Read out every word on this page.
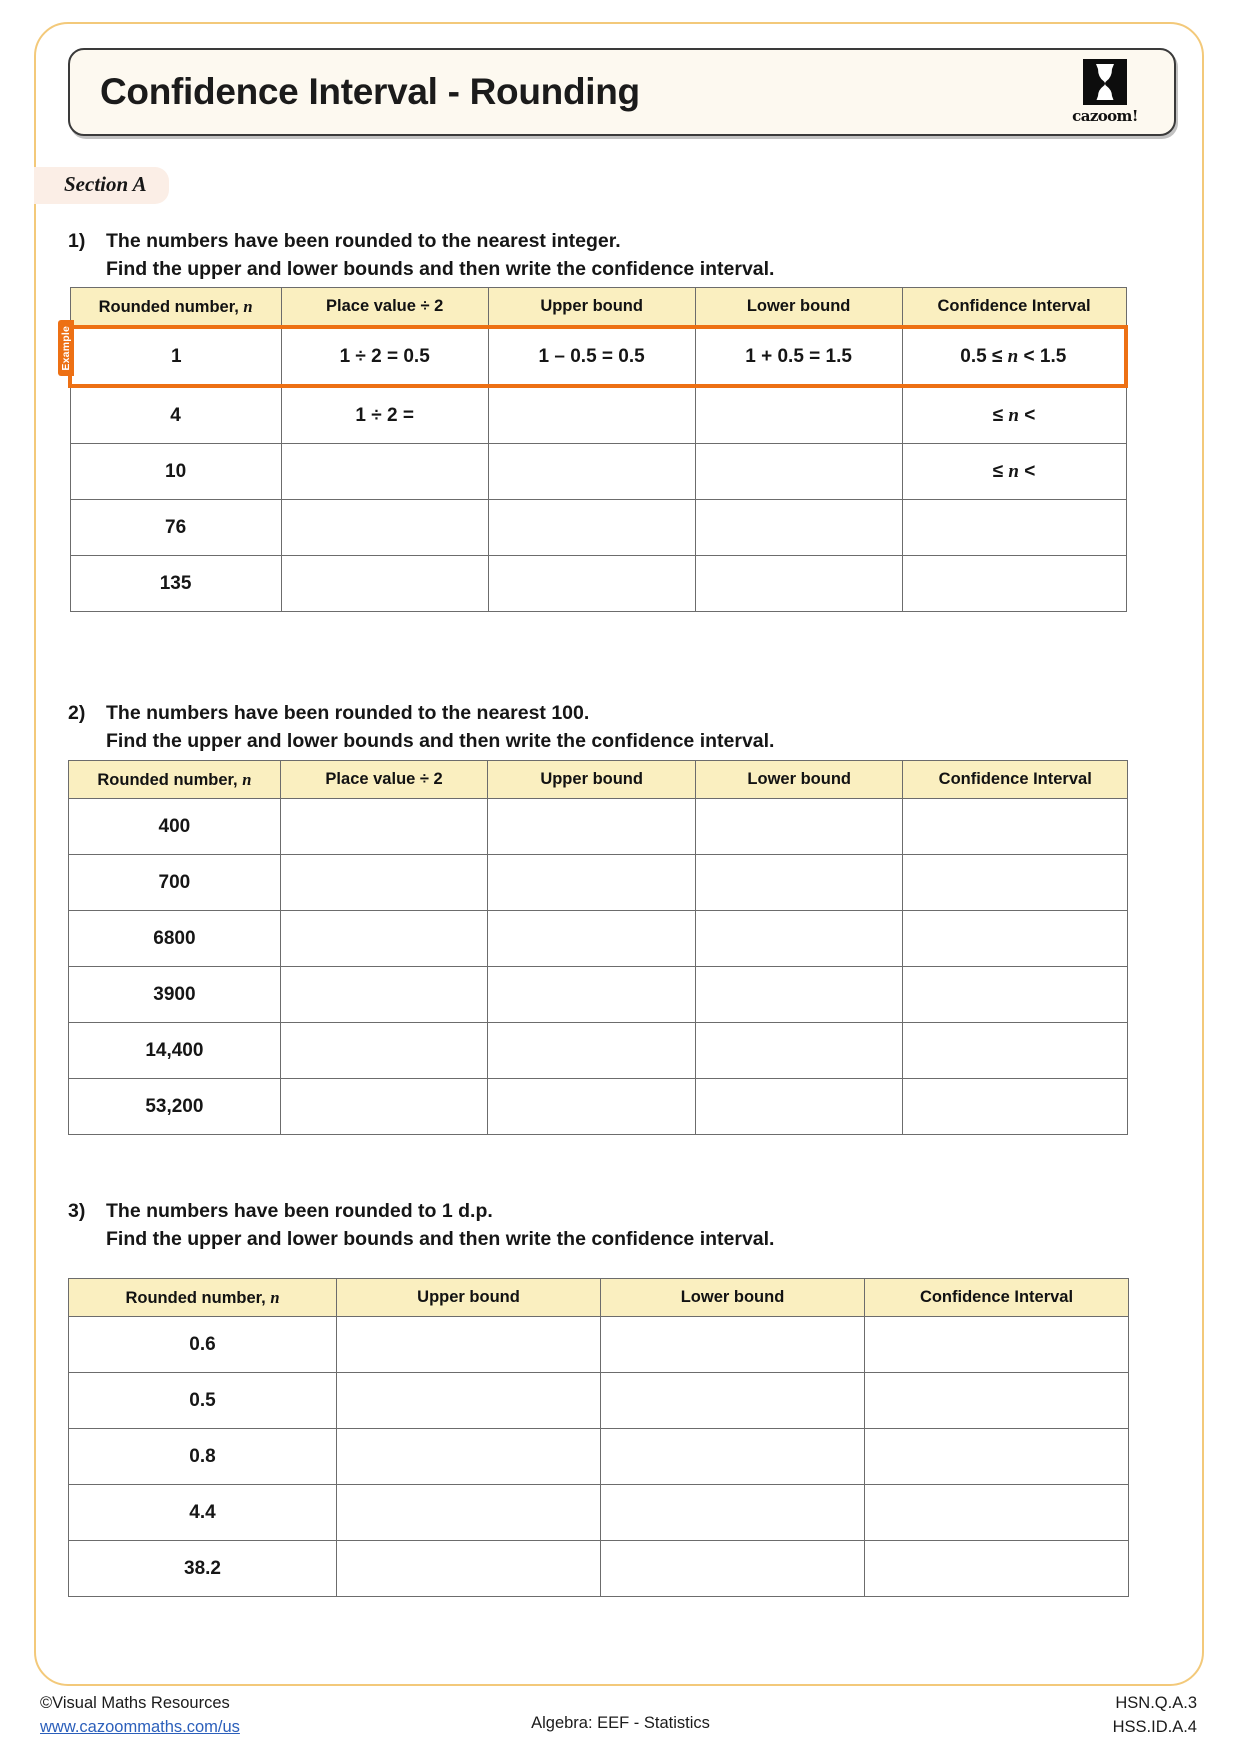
Confidence Interval - Rounding
cazoom!
Section A
1) The numbers have been rounded to the nearest integer.
Find the upper and lower bounds and then write the confidence interval.
Rounded number, n	Place value ÷ 2	Upper bound	Lower bound	Confidence Interval
1	1 ÷ 2 = 0.5	1 – 0.5 = 0.5	1 + 0.5 = 1.5	0.5 ≤ n < 1.5
4	1 ÷ 2 =			≤ n <
10				≤ n <
76				
135				
Example
2) The numbers have been rounded to the nearest 100.
Find the upper and lower bounds and then write the confidence interval.
Rounded number, n	Place value ÷ 2	Upper bound	Lower bound	Confidence Interval
400				
700				
6800				
3900				
14,400				
53,200				
3) The numbers have been rounded to 1 d.p.
Find the upper and lower bounds and then write the confidence interval.
Rounded number, n	Upper bound	Lower bound	Confidence Interval
0.6			
0.5			
0.8			
4.4			
38.2			
©Visual Maths Resources
www.cazoommaths.com/us	Algebra: EEF - Statistics
HSN.Q.A.3
HSS.ID.A.4
